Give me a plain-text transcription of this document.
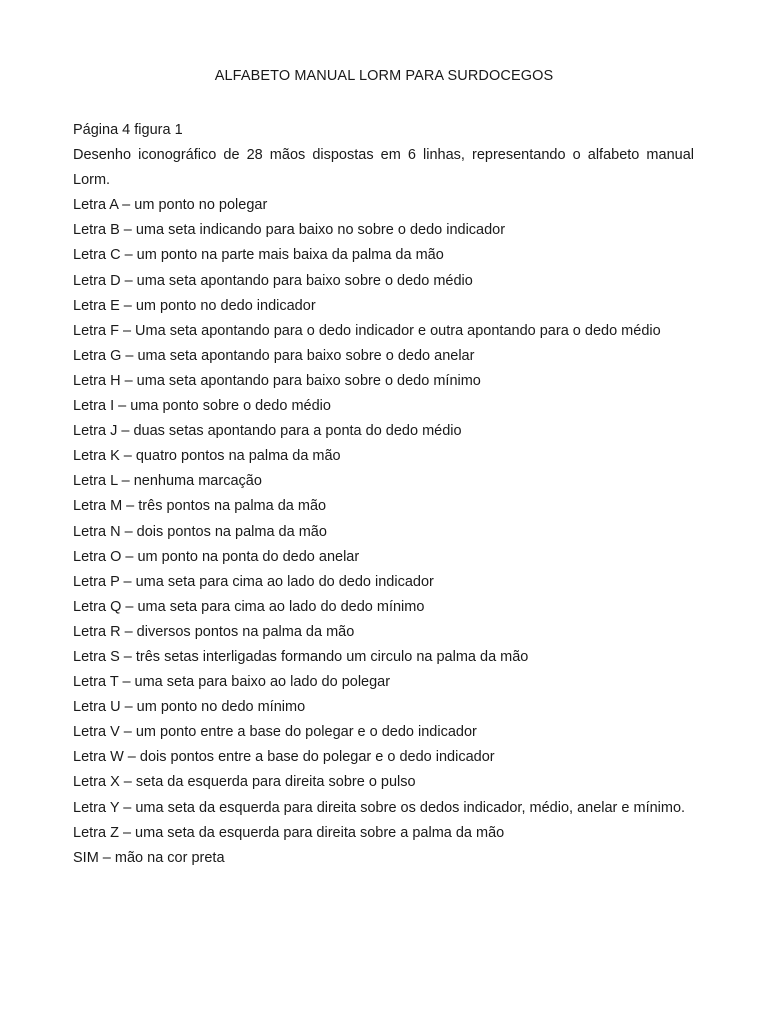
ALFABETO MANUAL LORM PARA SURDOCEGOS

Página 4 figura 1

Desenho iconográfico de 28 mãos dispostas em 6 linhas, representando o alfabeto manual Lorm.

Letra A – um ponto no polegar

Letra B – uma seta indicando para baixo no sobre o dedo indicador

Letra C – um ponto na parte mais baixa da palma da mão

Letra D – uma seta apontando para baixo sobre o dedo médio

Letra E – um ponto no dedo indicador

Letra F – Uma seta apontando para o dedo indicador e outra apontando para o dedo médio

Letra G – uma seta apontando para baixo sobre o dedo anelar

Letra H – uma seta apontando para baixo sobre o dedo mínimo

Letra I – uma ponto sobre o dedo médio

Letra J – duas setas apontando para a ponta do dedo médio

Letra K – quatro pontos na palma da mão

Letra L – nenhuma marcação

Letra M – três pontos na palma da mão

Letra N – dois pontos na palma da mão

Letra O – um ponto na ponta do dedo anelar

Letra P – uma seta para cima ao lado do dedo indicador

Letra Q – uma seta para cima ao lado do dedo mínimo

Letra R – diversos pontos na palma da mão

Letra S – três setas interligadas formando um circulo na palma da mão

Letra T – uma seta para baixo ao lado do polegar

Letra U – um ponto no dedo mínimo

Letra V – um ponto entre a base do polegar e o dedo indicador

Letra W – dois pontos entre a base do polegar e o dedo indicador

Letra X – seta da esquerda para direita sobre o pulso

Letra Y – uma seta da esquerda para direita sobre os dedos indicador, médio, anelar e mínimo.

Letra Z – uma seta da esquerda para direita sobre a palma da mão

SIM – mão na cor preta
